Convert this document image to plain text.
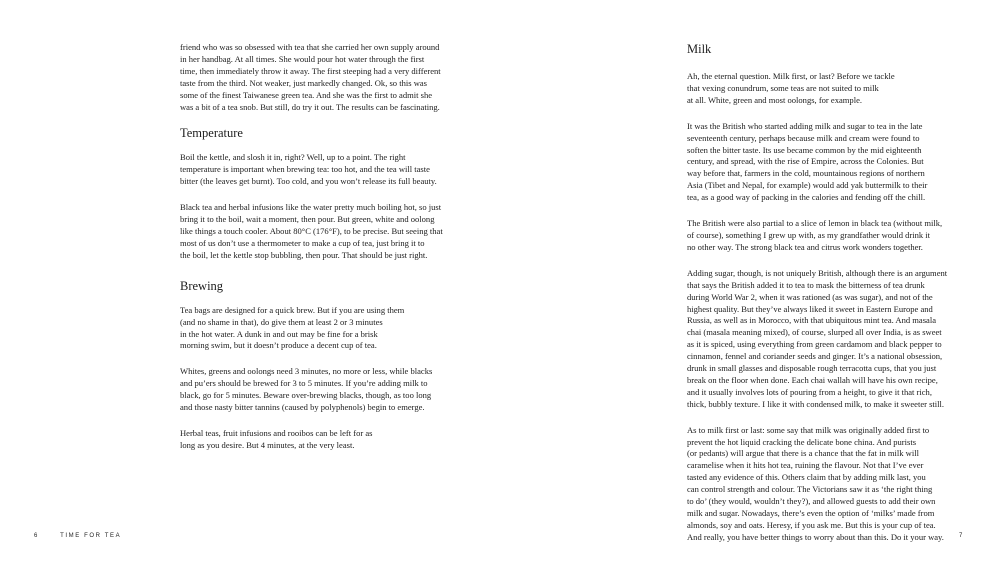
friend who was so obsessed with tea that she carried her own supply around
in her handbag. At all times. She would pour hot water through the first
time, then immediately throw it away. The first steeping had a very different
taste from the third. Not weaker, just markedly changed. Ok, so this was
some of the finest Taiwanese green tea. And she was the first to admit she
was a bit of a tea snob. But still, do try it out. The results can be fascinating.

Temperature

Boil the kettle, and slosh it in, right? Well, up to a point. The right
temperature is important when brewing tea: too hot, and the tea will taste
bitter (the leaves get burnt). Too cold, and you won’t release its full beauty.

Black tea and herbal infusions like the water pretty much boiling hot, so just
bring it to the boil, wait a moment, then pour. But green, white and oolong
like things a touch cooler. About 80°C (176°F), to be precise. But seeing that
most of us don’t use a thermometer to make a cup of tea, just bring it to
the boil, let the kettle stop bubbling, then pour. That should be just right.

Brewing

Tea bags are designed for a quick brew. But if you are using them
(and no shame in that), do give them at least 2 or 3 minutes
in the hot water. A dunk in and out may be fine for a brisk
morning swim, but it doesn’t produce a decent cup of tea.

Whites, greens and oolongs need 3 minutes, no more or less, while blacks
and pu’ers should be brewed for 3 to 5 minutes. If you’re adding milk to
black, go for 5 minutes. Beware over-brewing blacks, though, as too long
and those nasty bitter tannins (caused by polyphenols) begin to emerge.

Herbal teas, fruit infusions and rooibos can be left for as
long as you desire. But 4 minutes, at the very least.

Milk

Ah, the eternal question. Milk first, or last? Before we tackle
that vexing conundrum, some teas are not suited to milk
at all. White, green and most oolongs, for example.

It was the British who started adding milk and sugar to tea in the late
seventeenth century, perhaps because milk and cream were found to
soften the bitter taste. Its use became common by the mid eighteenth
century, and spread, with the rise of Empire, across the Colonies. But
way before that, farmers in the cold, mountainous regions of northern
Asia (Tibet and Nepal, for example) would add yak buttermilk to their
tea, as a good way of packing in the calories and fending off the chill.

The British were also partial to a slice of lemon in black tea (without milk,
of course), something I grew up with, as my grandfather would drink it
no other way. The strong black tea and citrus work wonders together.

Adding sugar, though, is not uniquely British, although there is an argument
that says the British added it to tea to mask the bitterness of tea drunk
during World War 2, when it was rationed (as was sugar), and not of the
highest quality. But they’ve always liked it sweet in Eastern Europe and
Russia, as well as in Morocco, with that ubiquitous mint tea. And masala
chai (masala meaning mixed), of course, slurped all over India, is as sweet
as it is spiced, using everything from green cardamom and black pepper to
cinnamon, fennel and coriander seeds and ginger. It’s a national obsession,
drunk in small glasses and disposable rough terracotta cups, that you just
break on the floor when done. Each chai wallah will have his own recipe,
and it usually involves lots of pouring from a height, to give it that rich,
thick, bubbly texture. I like it with condensed milk, to make it sweeter still.

As to milk first or last: some say that milk was originally added first to
prevent the hot liquid cracking the delicate bone china. And purists
(or pedants) will argue that there is a chance that the fat in milk will
caramelise when it hits hot tea, ruining the flavour. Not that I’ve ever
tasted any evidence of this. Others claim that by adding milk last, you
can control strength and colour. The Victorians saw it as ‘the right thing
to do’ (they would, wouldn’t they?), and allowed guests to add their own
milk and sugar. Nowadays, there’s even the option of ‘milks’ made from
almonds, soy and oats. Heresy, if you ask me. But this is your cup of tea.
And really, you have better things to worry about than this. Do it your way.

6	TIME FOR TEA	7
